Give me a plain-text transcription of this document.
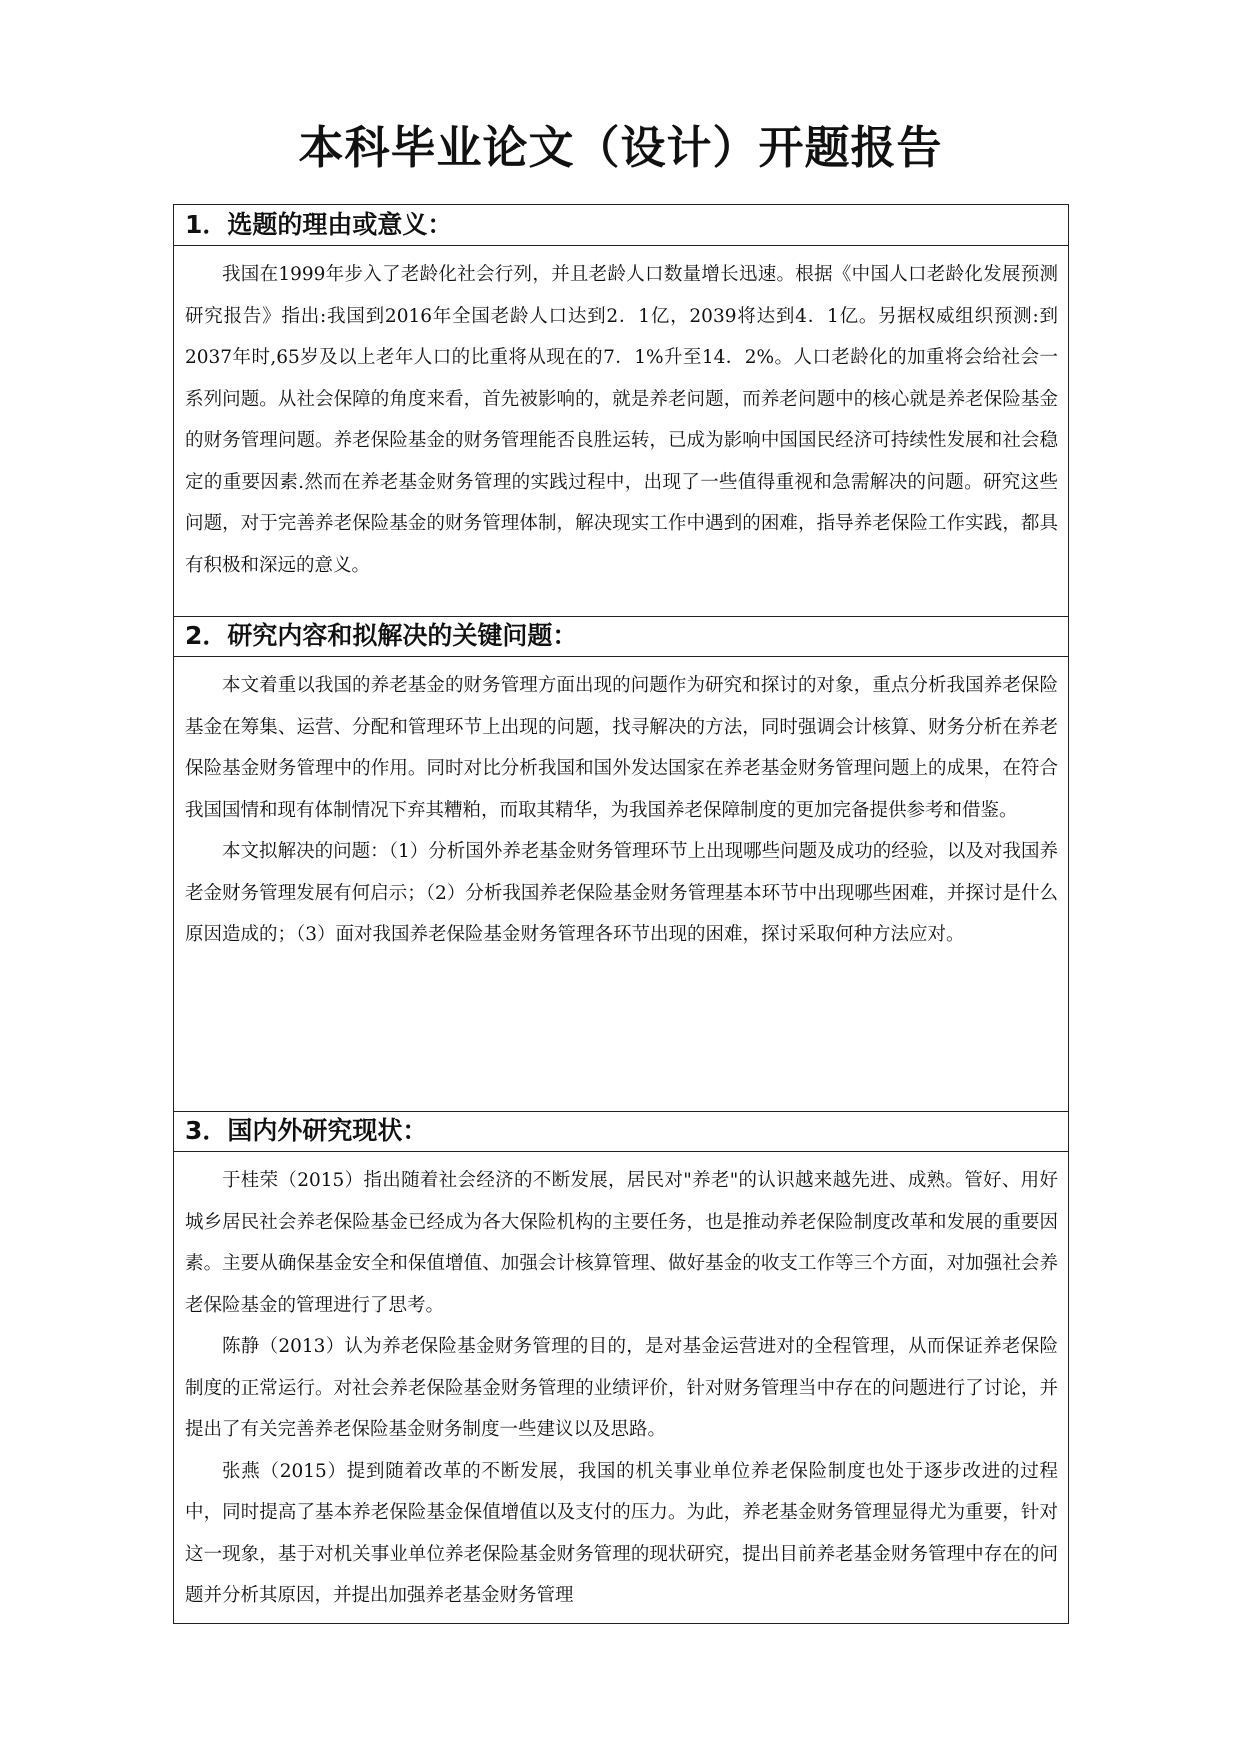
本科毕业论文（设计）开题报告
1．选题的理由或意义：

我国在1999年步入了老龄化社会行列，并且老龄人口数量增长迅速。根据《中国人口老龄化发展预测研究报告》指出:我国到2016年全国老龄人口达到2．1亿，2039将达到4．1亿。另据权威组织预测:到2037年时,65岁及以上老年人口的比重将从现在的7．1%升至14．2%。人口老龄化的加重将会给社会一系列问题。从社会保障的角度来看，首先被影响的，就是养老问题，而养老问题中的核心就是养老保险基金的财务管理问题。养老保险基金的财务管理能否良胜运转，已成为影响中国国民经济可持续性发展和社会稳定的重要因素.然而在养老基金财务管理的实践过程中，出现了一些值得重视和急需解决的问题。研究这些问题，对于完善养老保险基金的财务管理体制，解决现实工作中遇到的困难，指导养老保险工作实践，都具有积极和深远的意义。

2．研究内容和拟解决的关键问题：

本文着重以我国的养老基金的财务管理方面出现的问题作为研究和探讨的对象，重点分析我国养老保险基金在筹集、运营、分配和管理环节上出现的问题，找寻解决的方法，同时强调会计核算、财务分析在养老保险基金财务管理中的作用。同时对比分析我国和国外发达国家在养老基金财务管理问题上的成果，在符合我国国情和现有体制情况下弃其糟粕，而取其精华，为我国养老保障制度的更加完备提供参考和借鉴。

本文拟解决的问题：（1）分析国外养老基金财务管理环节上出现哪些问题及成功的经验，以及对我国养老金财务管理发展有何启示；（2）分析我国养老保险基金财务管理基本环节中出现哪些困难，并探讨是什么原因造成的；（3）面对我国养老保险基金财务管理各环节出现的困难，探讨采取何种方法应对。

3．国内外研究现状：

于桂荣（2015）指出随着社会经济的不断发展，居民对"养老"的认识越来越先进、成熟。管好、用好城乡居民社会养老保险基金已经成为各大保险机构的主要任务，也是推动养老保险制度改革和发展的重要因素。主要从确保基金安全和保值增值、加强会计核算管理、做好基金的收支工作等三个方面，对加强社会养老保险基金的管理进行了思考。

陈静（2013）认为养老保险基金财务管理的目的，是对基金运营进对的全程管理，从而保证养老保险制度的正常运行。对社会养老保险基金财务管理的业绩评价，针对财务管理当中存在的问题进行了讨论，并提出了有关完善养老保险基金财务制度一些建议以及思路。

张燕（2015）提到随着改革的不断发展，我国的机关事业单位养老保险制度也处于逐步改进的过程中，同时提高了基本养老保险基金保值增值以及支付的压力。为此，养老基金财务管理显得尤为重要，针对这一现象，基于对机关事业单位养老保险基金财务管理的现状研究，提出目前养老基金财务管理中存在的问题并分析其原因，并提出加强养老基金财务管理
